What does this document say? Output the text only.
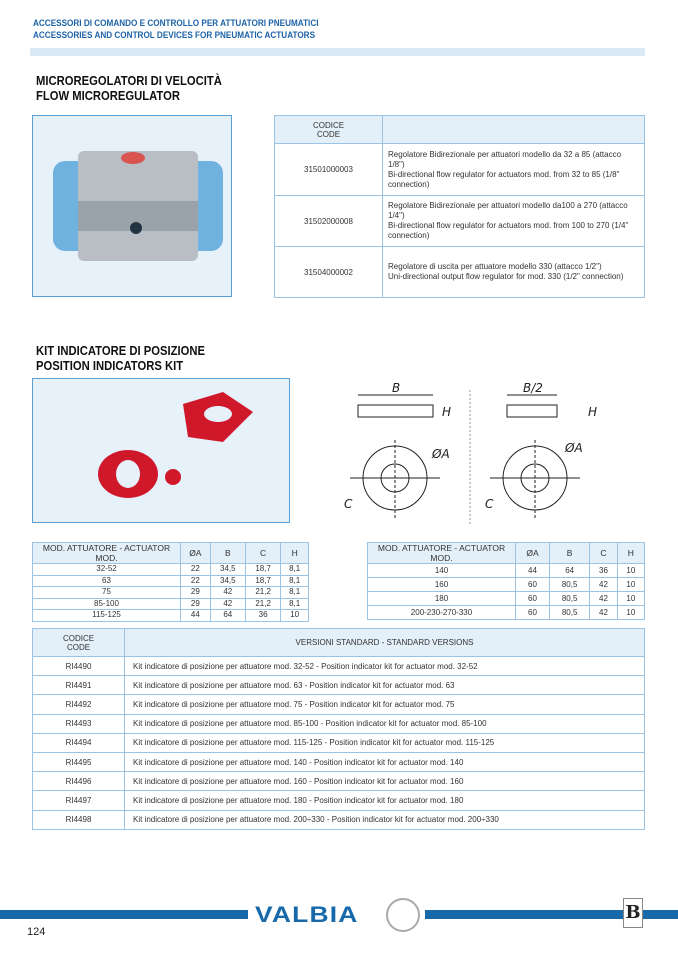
ACCESSORI DI COMANDO E CONTROLLO PER ATTUATORI PNEUMATICI
ACCESSORIES AND CONTROL DEVICES FOR PNEUMATIC ACTUATORS
MICROREGOLATORI DI VELOCITÀ
FLOW MICROREGULATOR
CODICE
CODE	
31501000003	Regolatore Bidirezionale per attuatori modello da 32 a 85 (attacco 1/8")
Bi-directional flow regulator for actuators mod. from 32 to 85 (1/8" connection)

31502000008	Regolatore Bidirezionale per attuatori modello da100 a 270 (attacco 1/4")
Bi-directional flow regulator for actuators mod. from 100 to 270 (1/4" connection)

31504000002	Regolatore di uscita per attuatore modello 330 (attacco 1/2")
Uni-directional output flow regulator for mod. 330 (1/2" connection)
KIT INDICATORE DI POSIZIONE
POSITION INDICATORS KIT
B
H
ØA
C
B/2
H
ØA
C
MOD. ATTUATORE - ACTUATOR MOD.	ØA	B	C	H
32-52	22	34,5	18,7	8,1
63	22	34,5	18,7	8,1
75	29	42	21,2	8,1
85-100	29	42	21,2	8,1
115-125	44	64	36	10
MOD. ATTUATORE - ACTUATOR MOD.	ØA	B	C	H
140	44	64	36	10
160	60	80,5	42	10
180	60	80,5	42	10
200-230-270-330	60	80,5	42	10
CODICE
CODE	VERSIONI STANDARD - STANDARD VERSIONS
RI4490	Kit indicatore di posizione per attuatore mod. 32-52 - Position indicator kit for actuator mod. 32-52
RI4491	Kit indicatore di posizione per attuatore mod. 63 - Position indicator kit for actuator mod. 63
RI4492	Kit indicatore di posizione per attuatore mod. 75 - Position indicator kit for actuator mod. 75
RI4493	Kit indicatore di posizione per attuatore mod. 85-100 - Position indicator kit for actuator mod. 85-100
RI4494	Kit indicatore di posizione per attuatore mod. 115-125 - Position indicator kit for actuator mod. 115-125
RI4495	Kit indicatore di posizione per attuatore mod. 140 - Position indicator kit for actuator mod. 140
RI4496	Kit indicatore di posizione per attuatore mod. 160 - Position indicator kit for actuator mod. 160
RI4497	Kit indicatore di posizione per attuatore mod. 180 - Position indicator kit for actuator mod. 180
RI4498	Kit indicatore di posizione per attuatore mod. 200÷330 - Position indicator kit for actuator mod. 200÷330
VALBIA	B
124
